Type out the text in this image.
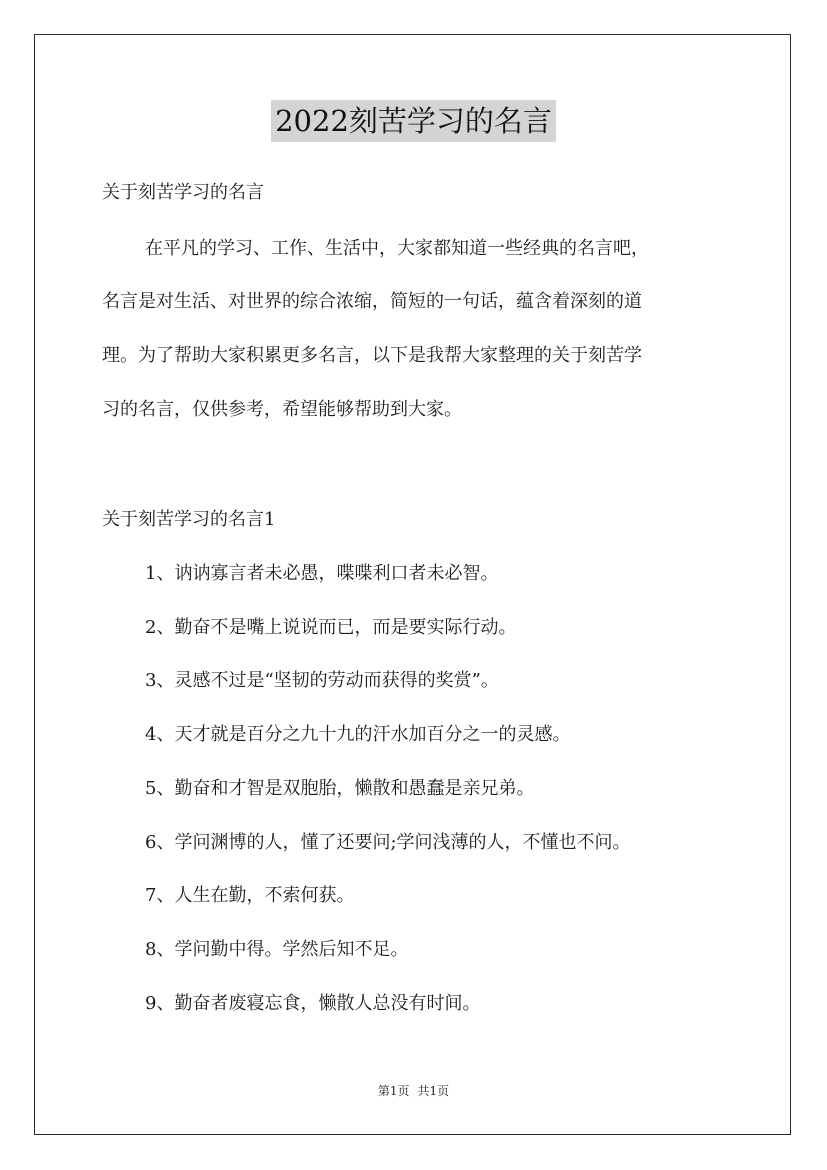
2022刻苦学习的名言
关于刻苦学习的名言
在平凡的学习、工作、生活中，大家都知道一些经典的名言吧，
名言是对生活、对世界的综合浓缩，简短的一句话，蕴含着深刻的道
理。为了帮助大家积累更多名言，以下是我帮大家整理的关于刻苦学
习的名言，仅供参考，希望能够帮助到大家。
关于刻苦学习的名言1
1、讷讷寡言者未必愚，喋喋利口者未必智。
2、勤奋不是嘴上说说而已，而是要实际行动。
3、灵感不过是“坚韧的劳动而获得的奖赏”。
4、天才就是百分之九十九的汗水加百分之一的灵感。
5、勤奋和才智是双胞胎，懒散和愚蠢是亲兄弟。
6、学问渊博的人，懂了还要问;学问浅薄的人，不懂也不问。
7、人生在勤，不索何获。
8、学问勤中得。学然后知不足。
9、勤奋者废寝忘食，懒散人总没有时间。
第1页 共1页
